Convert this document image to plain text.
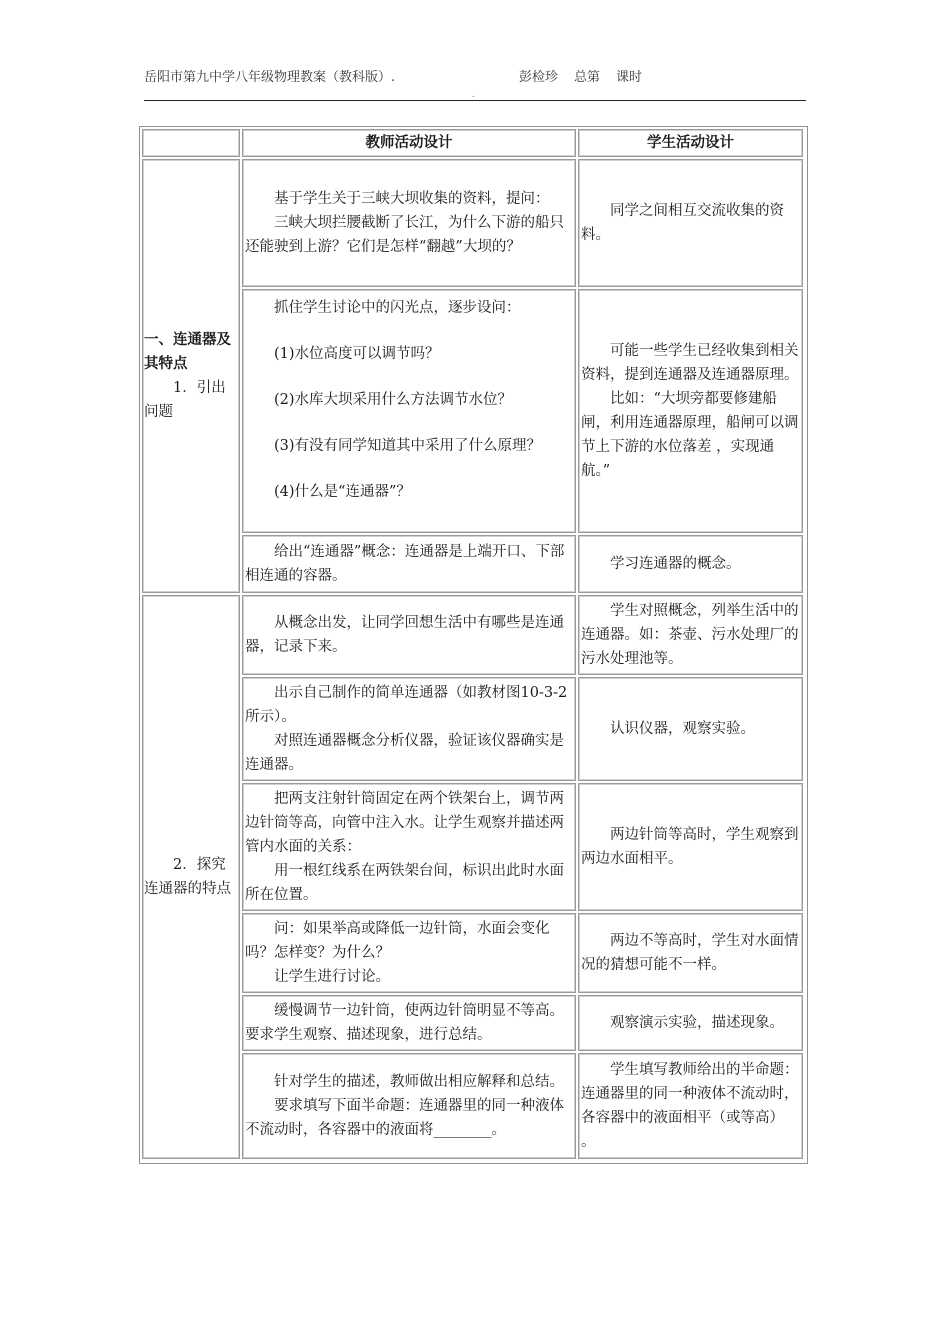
岳阳市第九中学八年级物理教案（教科版）.	彭检珍 总第 课时
.
教师活动设计	学生活动设计
一、连通器及其特点
1．引出问题

基于学生关于三峡大坝收集的资料，提问：

三峡大坝拦腰截断了长江，为什么下游的船只还能驶到上游？它们是怎样“翻越”大坝的？

同学之间相互交流收集的资料。

抓住学生讨论中的闪光点，逐步设问：

(1)水位高度可以调节吗？

(2)水库大坝采用什么方法调节水位？

(3)有没有同学知道其中采用了什么原理？

(4)什么是“连通器”？

可能一些学生已经收集到相关资料，提到连通器及连通器原理。

比如：“大坝旁都要修建船闸，利用连通器原理，船闸可以调节上下游的水位落差 ，实现通航。”

给出“连通器”概念：连通器是上端开口、下部相连通的容器。

学习连通器的概念。

2．探究连通器的特点

从概念出发，让同学回想生活中有哪些是连通器，记录下来。

学生对照概念，列举生活中的连通器。如：茶壶、污水处理厂的污水处理池等。

出示自己制作的简单连通器（如教材图10-3-2 所示）。

对照连通器概念分析仪器，验证该仪器确实是连通器。

认识仪器，观察实验。

把两支注射针筒固定在两个铁架台上，调节两边针筒等高，向管中注入水。让学生观察并描述两管内水面的关系：

用一根红线系在两铁架台间，标识出此时水面所在位置。

两边针筒等高时，学生观察到两边水面相平。

问：如果举高或降低一边针筒，水面会变化吗？怎样变？为什么？

让学生进行讨论。

两边不等高时，学生对水面情况的猜想可能不一样。

缓慢调节一边针筒，使两边针筒明显不等高。要求学生观察、描述现象，进行总结。

观察演示实验，描述现象。

针对学生的描述，教师做出相应解释和总结。

要求填写下面半命题：连通器里的同一种液体不流动时，各容器中的液面将________。

学生填写教师给出的半命题：连通器里的同一种液体不流动时，各容器中的液面相平（或等高） 。
